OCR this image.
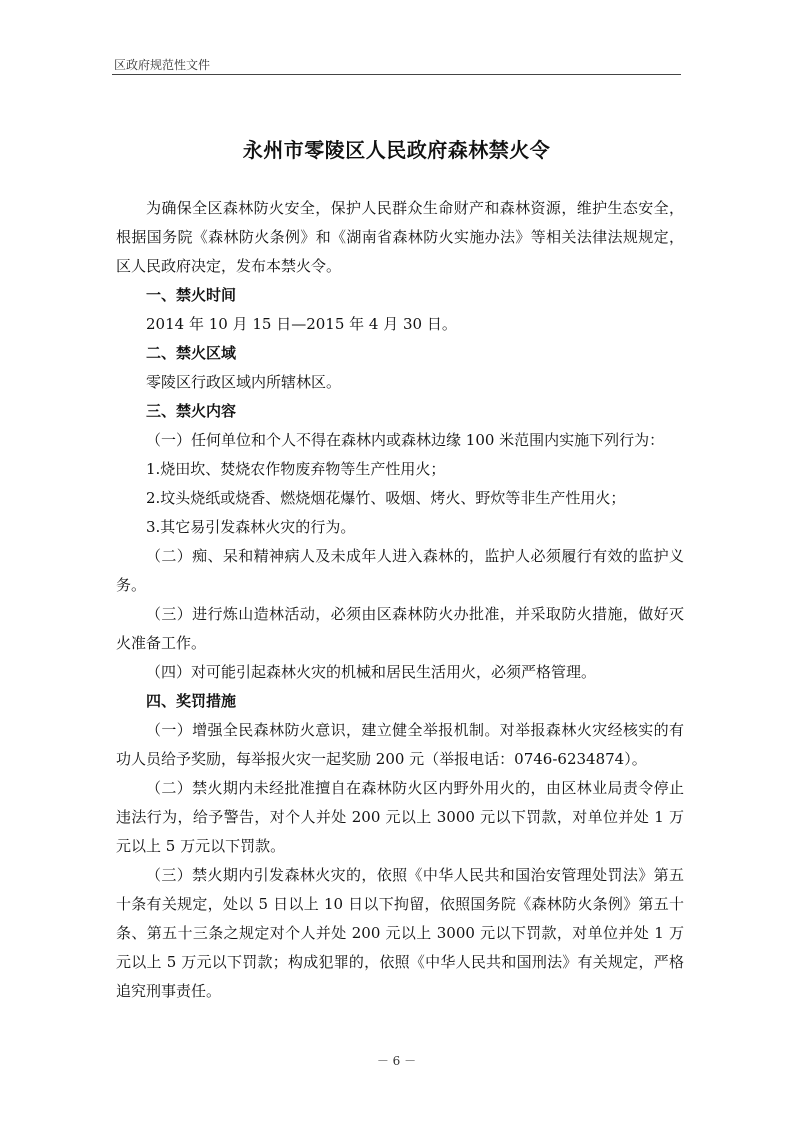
区政府规范性文件
永州市零陵区人民政府森林禁火令

为确保全区森林防火安全，保护人民群众生命财产和森林资源，维护生态安全，根据国务院《森林防火条例》和《湖南省森林防火实施办法》等相关法律法规规定，区人民政府决定，发布本禁火令。

一、禁火时间

2014 年 10 月 15 日—2015 年 4 月 30 日。

二、禁火区域

零陵区行政区域内所辖林区。

三、禁火内容

（一）任何单位和个人不得在森林内或森林边缘 100 米范围内实施下列行为：

1.烧田坎、焚烧农作物废弃物等生产性用火；

2.坟头烧纸或烧香、燃烧烟花爆竹、吸烟、烤火、野炊等非生产性用火；

3.其它易引发森林火灾的行为。

（二）痴、呆和精神病人及未成年人进入森林的，监护人必须履行有效的监护义务。

（三）进行炼山造林活动，必须由区森林防火办批准，并采取防火措施，做好灭火准备工作。

（四）对可能引起森林火灾的机械和居民生活用火，必须严格管理。

四、奖罚措施

（一）增强全民森林防火意识，建立健全举报机制。对举报森林火灾经核实的有功人员给予奖励，每举报火灾一起奖励 200 元（举报电话：0746-6234874）。

（二）禁火期内未经批准擅自在森林防火区内野外用火的，由区林业局责令停止违法行为，给予警告，对个人并处 200 元以上 3000 元以下罚款，对单位并处 1 万元以上 5 万元以下罚款。

（三）禁火期内引发森林火灾的，依照《中华人民共和国治安管理处罚法》第五十条有关规定，处以 5 日以上 10 日以下拘留，依照国务院《森林防火条例》第五十条、第五十三条之规定对个人并处 200 元以上 3000 元以下罚款，对单位并处 1 万元以上 5 万元以下罚款；构成犯罪的，依照《中华人民共和国刑法》有关规定，严格追究刑事责任。

－ 6 －
